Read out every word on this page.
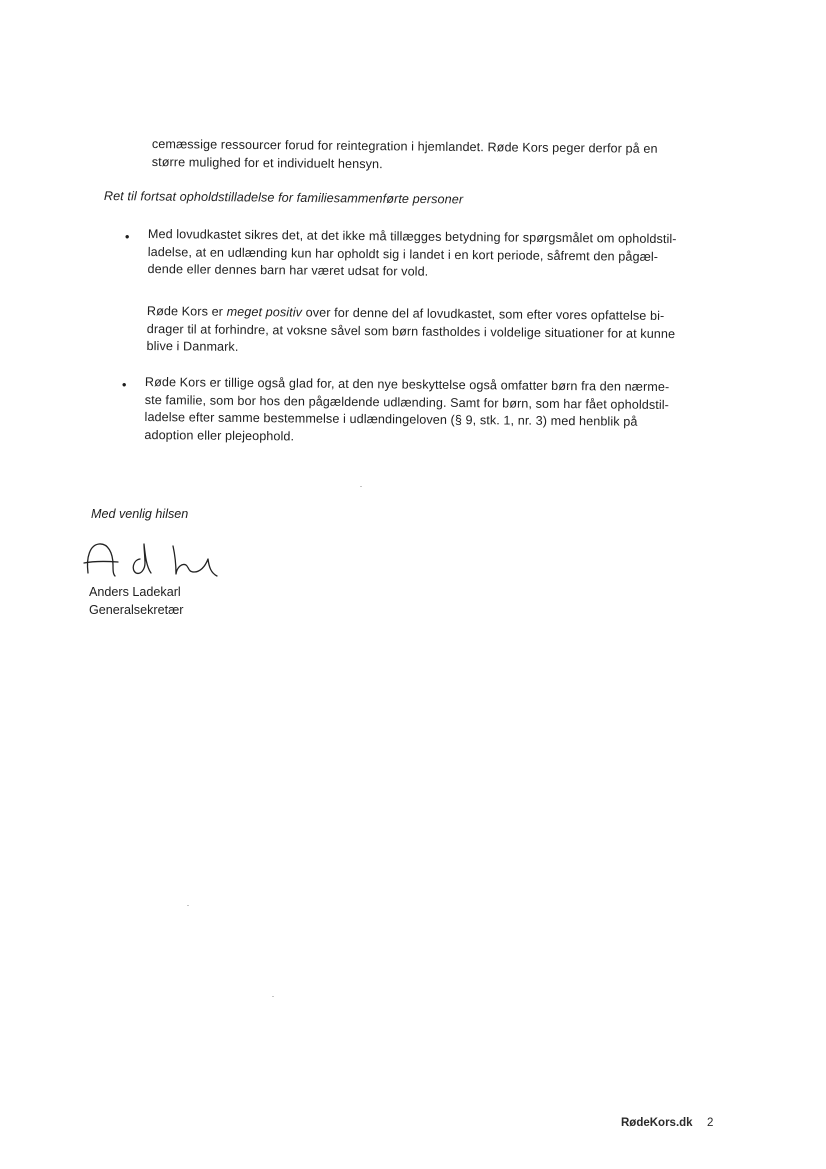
cemæssige ressourcer forud for reintegration i hjemlandet. Røde Kors peger derfor på en
større mulighed for et individuelt hensyn.
Ret til fortsat opholdstilladelse for familiesammenførte personer
• Med lovudkastet sikres det, at det ikke må tillægges betydning for spørgsmålet om opholdstil-
ladelse, at en udlænding kun har opholdt sig i landet i en kort periode, såfremt den pågæl-
dende eller dennes barn har været udsat for vold.
Røde Kors er meget positiv over for denne del af lovudkastet, som efter vores opfattelse bi-
drager til at forhindre, at voksne såvel som børn fastholdes i voldelige situationer for at kunne
blive i Danmark.
• Røde Kors er tillige også glad for, at den nye beskyttelse også omfatter børn fra den nærme-
ste familie, som bor hos den pågældende udlænding. Samt for børn, som har fået opholdstil-
ladelse efter samme bestemmelse i udlændingeloven (§ 9, stk. 1, nr. 3) med henblik på
adoption eller plejeophold.
Med venlig hilsen
Anders Ladekarl
Generalsekretær
RødeKors.dk 2
